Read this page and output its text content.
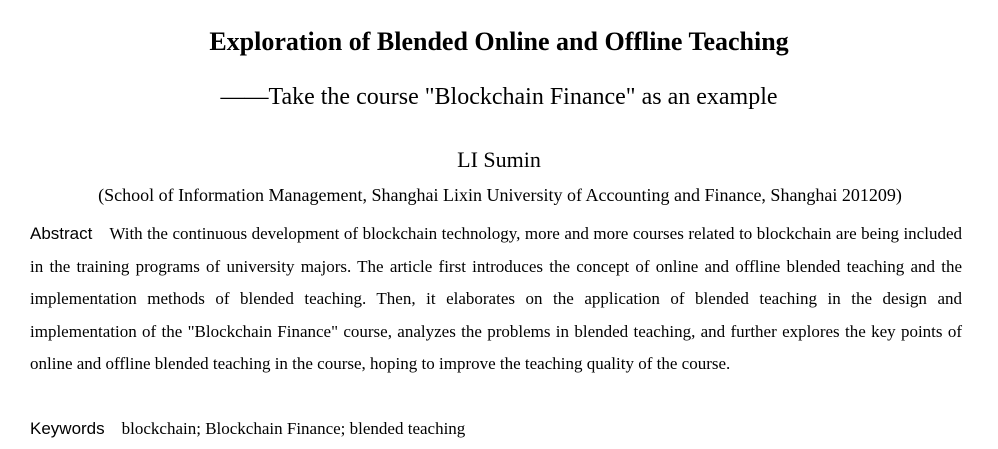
Exploration of Blended Online and Offline Teaching
——Take the course "Blockchain Finance" as an example
LI Sumin
(School of Information Management, Shanghai Lixin University of Accounting and Finance, Shanghai 201209)

Abstract With the continuous development of blockchain technology, more and more courses related to blockchain are being included in the training programs of university majors. The article first introduces the concept of online and offline blended teaching and the implementation methods of blended teaching. Then, it elaborates on the application of blended teaching in the design and implementation of the "Blockchain Finance" course, analyzes the problems in blended teaching, and further explores the key points of online and offline blended teaching in the course, hoping to improve the teaching quality of the course.

Keywords blockchain; Blockchain Finance; blended teaching
